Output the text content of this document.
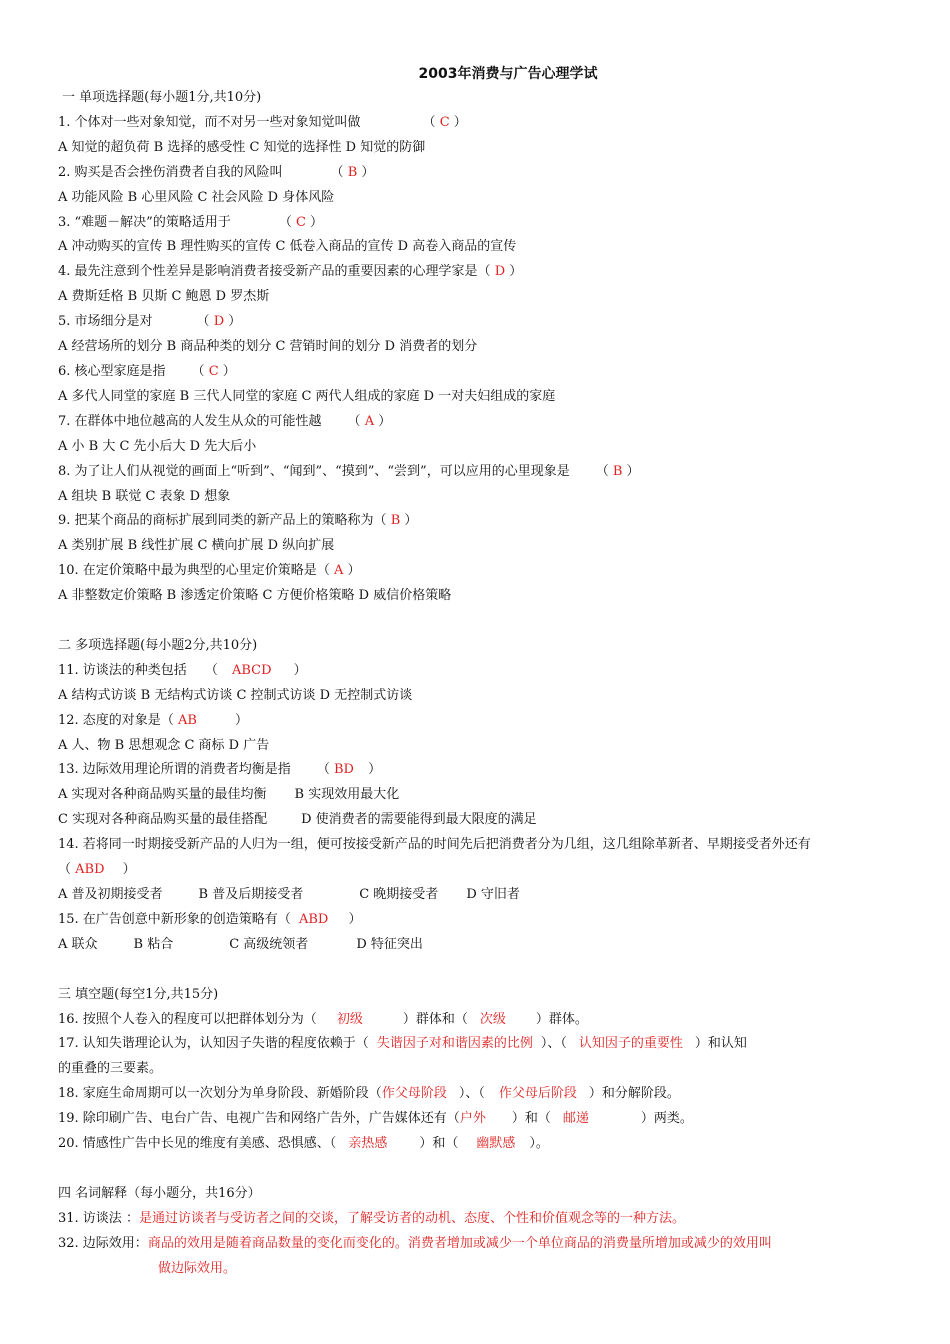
2003年消费与广告心理学试
一 单项选择题(每小题1分,共10分)
1. 个体对一些对象知觉，而不对另一些对象知觉叫做	（ C ）
A 知觉的超负荷 B 选择的感受性 C 知觉的选择性 D 知觉的防御
2. 购买是否会挫伤消费者自我的风险叫	（ B ）
A 功能风险 B 心里风险 C 社会风险 D 身体风险
3. “难题－解决”的策略适用于	（ C ）
A 冲动购买的宣传 B 理性购买的宣传 C 低卷入商品的宣传 D 高卷入商品的宣传
4. 最先注意到个性差异是影响消费者接受新产品的重要因素的心理学家是（ D ）
A 费斯廷格 B 贝斯 C 鲍恩 D 罗杰斯
5. 市场细分是对	（ D ）
A 经营场所的划分 B 商品种类的划分 C 营销时间的划分 D 消费者的划分
6. 核心型家庭是指 （ C ）
A 多代人同堂的家庭 B 三代人同堂的家庭 C 两代人组成的家庭 D 一对夫妇组成的家庭
7. 在群体中地位越高的人发生从众的可能性越 （ A ）
A 小 B 大 C 先小后大 D 先大后小
8. 为了让人们从视觉的画面上“听到”、“闻到”、“摸到”、“尝到”，可以应用的心里现象是 （ B ）
A 组块 B 联觉 C 表象 D 想象
9. 把某个商品的商标扩展到同类的新产品上的策略称为（ B ）
A 类别扩展 B 线性扩展 C 横向扩展 D 纵向扩展
10. 在定价策略中最为典型的心里定价策略是（ A ）
A 非整数定价策略 B 渗透定价策略 C 方便价格策略 D 威信价格策略
二 多项选择题(每小题2分,共10分)
11. 访谈法的种类包括 （ ABCD ）
A 结构式访谈 B 无结构式访谈 C 控制式访谈 D 无控制式访谈
12. 态度的对象是（ AB	）
A 人、物 B 思想观念 C 商标 D 广告
13. 边际效用理论所谓的消费者均衡是指 （ BD ）
A 实现对各种商品购买量的最佳均衡 B 实现效用最大化
C 实现对各种商品购买量的最佳搭配	D 使消费者的需要能得到最大限度的满足
14. 若将同一时期接受新产品的人归为一组，便可按接受新产品的时间先后把消费者分为几组，这几组除革新者、早期接受者外还有（ ABD ）
A 普及初期接受者	B 普及后期接受者	C 晚期接受者 D 守旧者
15. 在广告创意中新形象的创造策略有（ ABD ）
A 联众	B 粘合	C 高级统领者	D 特征突出
三 填空题(每空1分,共15分)
16. 按照个人卷入的程度可以把群体划分为（ 初级	）群体和（ 次级 ）群体。
17. 认知失谐理论认为，认知因子失谐的程度依赖于（ 失谐因子对和谐因素的比例 ）、（ 认知因子的重要性 ）和认知
的重叠的三要素。
18. 家庭生命周期可以一次划分为单身阶段、新婚阶段（作父母阶段 ）、（ 作父母后阶段 ）和分解阶段。
19. 除印刷广告、电台广告、电视广告和网络广告外，广告媒体还有（户外 ）和（ 邮递	）两类。
20. 情感性广告中长见的维度有美感、恐惧感、（ 亲热感 ）和（ 幽默感 ）。
四 名词解释（每小题分，共16分）
31. 访谈法 ：是通过访谈者与受访者之间的交谈，了解受访者的动机、态度、个性和价值观念等的一种方法。
32. 边际效用：商品的效用是随着商品数量的变化而变化的。消费者增加或减少一个单位商品的消费量所增加或减少的效用叫
做边际效用。
